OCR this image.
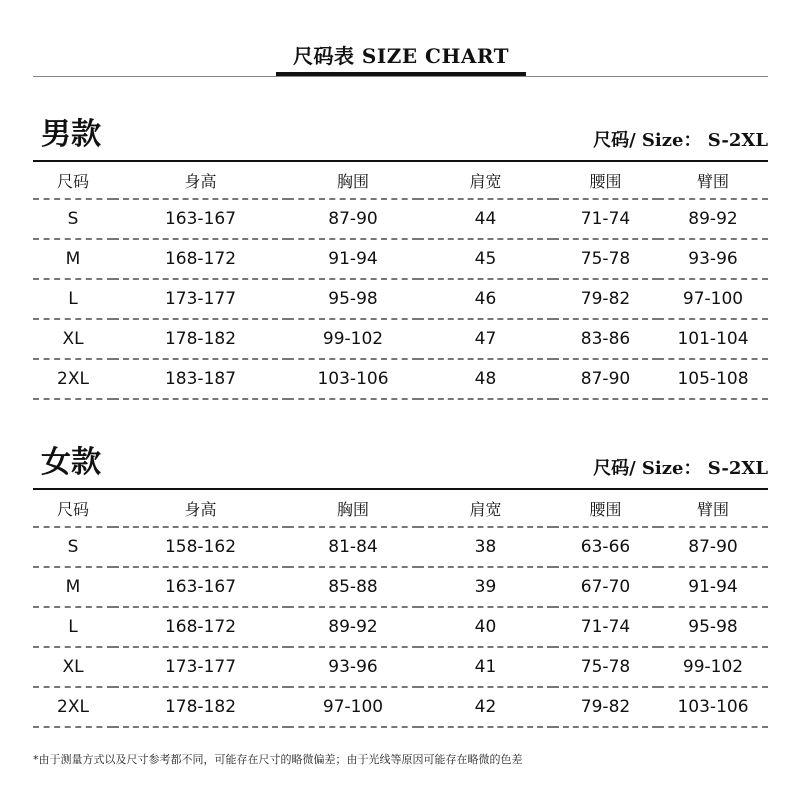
尺码表 SIZE CHART
男款	尺码/ Size： S-2XL
尺码	身高	胸围	肩宽	腰围	臂围
S	163-167	87-90	44	71-74	89-92
M	168-172	91-94	45	75-78	93-96
L	173-177	95-98	46	79-82	97-100
XL	178-182	99-102	47	83-86	101-104
2XL	183-187	103-106	48	87-90	105-108
女款	尺码/ Size： S-2XL
尺码	身高	胸围	肩宽	腰围	臂围
S	158-162	81-84	38	63-66	87-90
M	163-167	85-88	39	67-70	91-94
L	168-172	89-92	40	71-74	95-98
XL	173-177	93-96	41	75-78	99-102
2XL	178-182	97-100	42	79-82	103-106
*由于测量方式以及尺寸参考都不同，可能存在尺寸的略微偏差；由于光线等原因可能存在略微的色差
